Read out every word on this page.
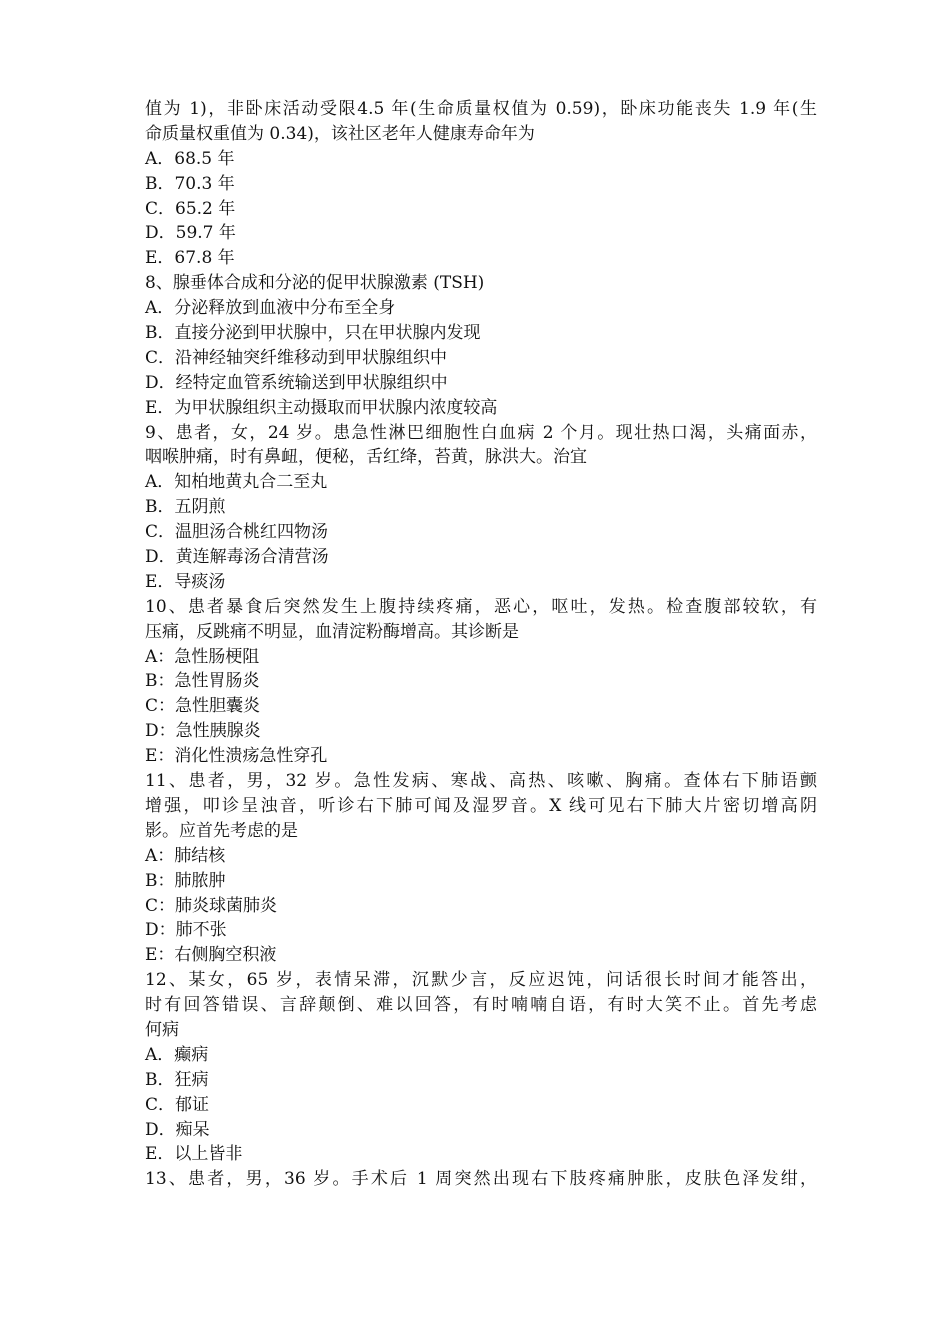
值为 1)，非卧床活动受限4.5 年(生命质量权值为 0.59)，卧床功能丧失 1.9 年(生
命质量权重值为 0.34)，该社区老年人健康寿命年为
A．68.5 年
B．70.3 年
C．65.2 年
D．59.7 年
E．67.8 年
8、腺垂体合成和分泌的促甲状腺激素 (TSH)
A．分泌释放到血液中分布至全身
B．直接分泌到甲状腺中，只在甲状腺内发现
C．沿神经轴突纤维移动到甲状腺组织中
D．经特定血管系统输送到甲状腺组织中
E．为甲状腺组织主动摄取而甲状腺内浓度较高
9、患者，女，24 岁。患急性淋巴细胞性白血病 2 个月。现壮热口渴，头痛面赤，
咽喉肿痛，时有鼻衄，便秘，舌红绛，苔黄，脉洪大。治宜
A．知柏地黄丸合二至丸
B．五阴煎
C．温胆汤合桃红四物汤
D．黄连解毒汤合清营汤
E．导痰汤
10、患者暴食后突然发生上腹持续疼痛，恶心，呕吐，发热。检查腹部较软，有
压痛，反跳痛不明显，血清淀粉酶增高。其诊断是
A：急性肠梗阻
B：急性胃肠炎
C：急性胆囊炎
D：急性胰腺炎
E：消化性溃疡急性穿孔
11、患者，男，32 岁。急性发病、寒战、高热、咳嗽、胸痛。查体右下肺语颤
增强，叩诊呈浊音，听诊右下肺可闻及湿罗音。X 线可见右下肺大片密切增高阴
影。应首先考虑的是
A：肺结核
B：肺脓肿
C：肺炎球菌肺炎
D：肺不张
E：右侧胸空积液
12、某女，65 岁，表情呆滞，沉默少言，反应迟饨，问话很长时间才能答出，
时有回答错误、言辞颠倒、难以回答，有时喃喃自语，有时大笑不止。首先考虑
何病
A．癫病
B．狂病
C．郁证
D．痴呆
E．以上皆非
13、患者，男，36 岁。手术后 1 周突然出现右下肢疼痛肿胀，皮肤色泽发绀，
